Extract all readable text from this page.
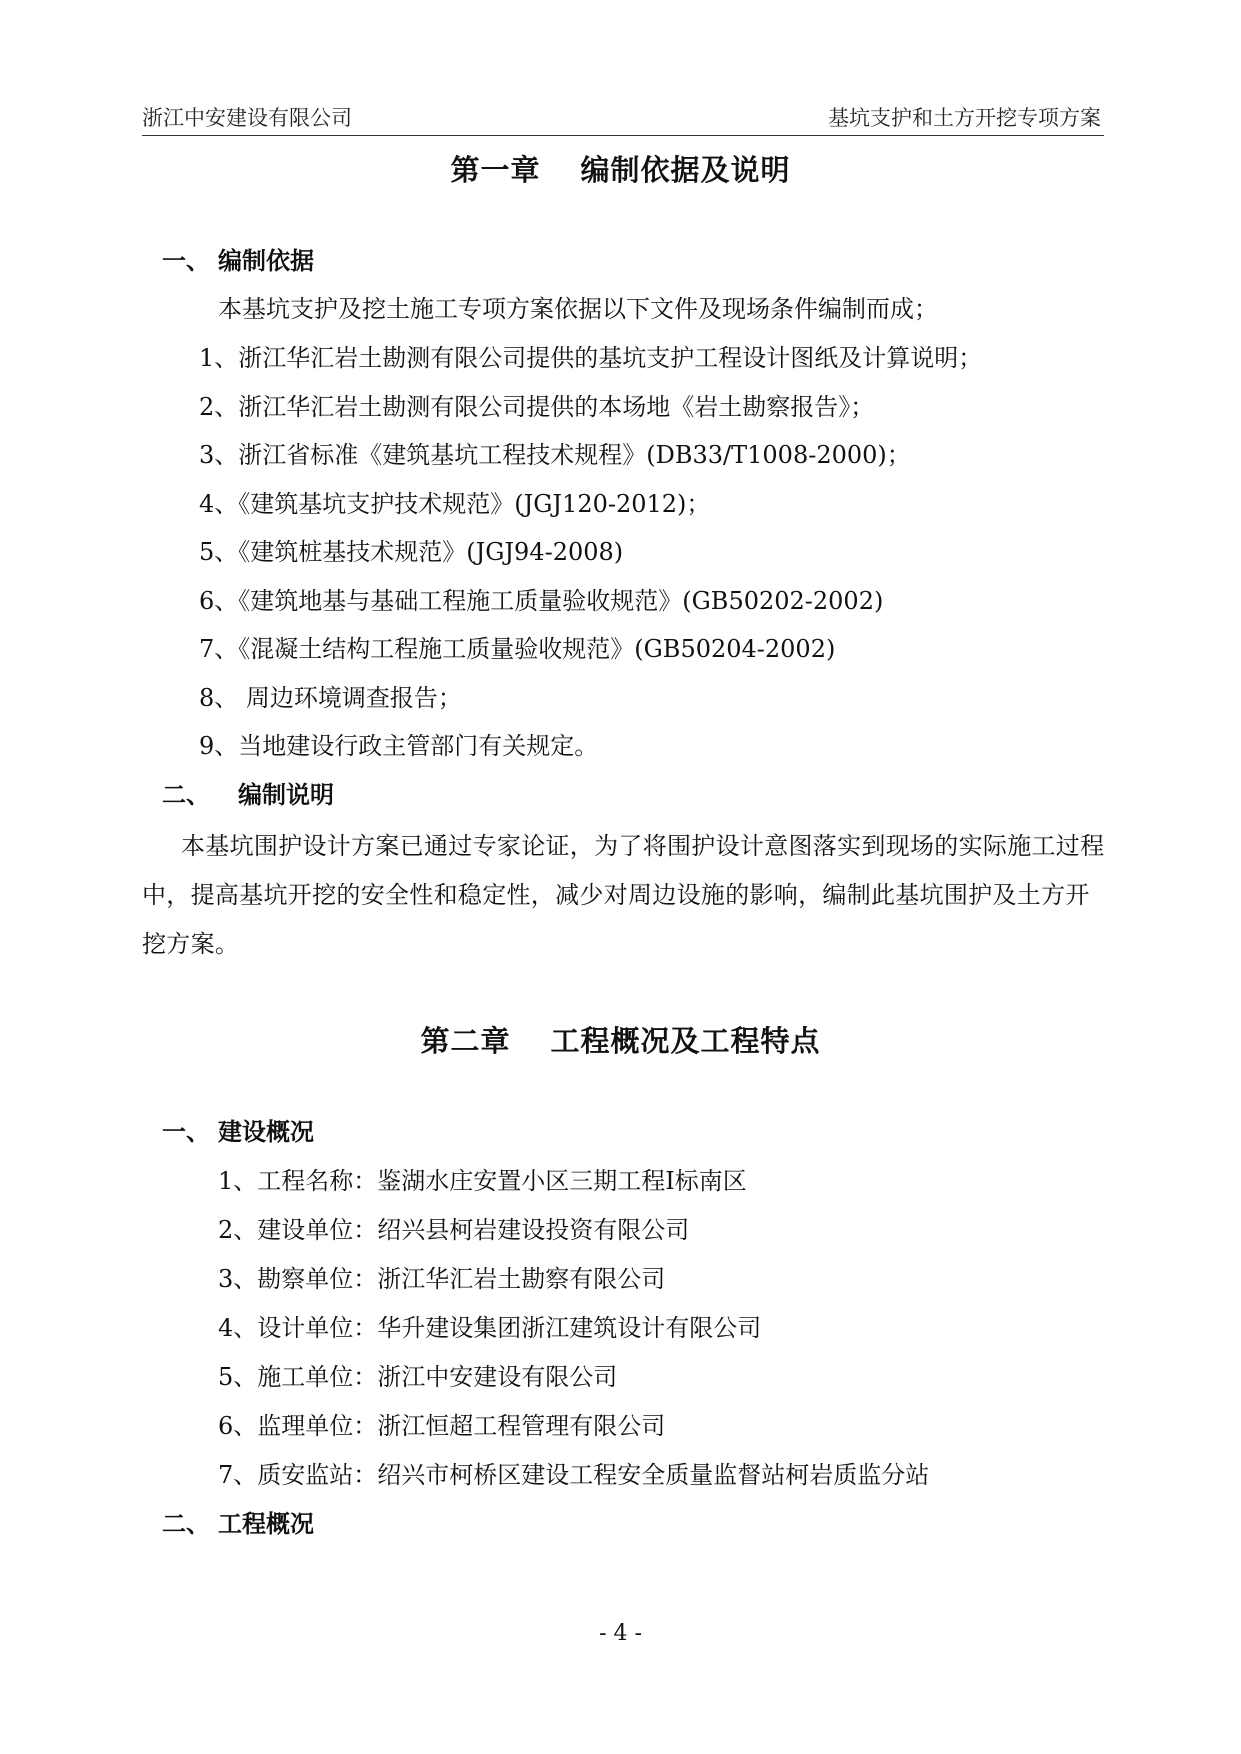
浙江中安建设有限公司	基坑支护和土方开挖专项方案
第一章 编制依据及说明
一、 编制依据
本基坑支护及挖土施工专项方案依据以下文件及现场条件编制而成；
1、浙江华汇岩土勘测有限公司提供的基坑支护工程设计图纸及计算说明；
2、浙江华汇岩土勘测有限公司提供的本场地《岩土勘察报告》；
3、浙江省标准《建筑基坑工程技术规程》(DB33/T1008-2000)；
4、《建筑基坑支护技术规范》(JGJ120-2012)；
5、《建筑桩基技术规范》(JGJ94-2008)
6、《建筑地基与基础工程施工质量验收规范》(GB50202-2002)
7、《混凝土结构工程施工质量验收规范》(GB50204-2002)
8、 周边环境调查报告；
9、当地建设行政主管部门有关规定。
二、 编制说明
本基坑围护设计方案已通过专家论证，为了将围护设计意图落实到现场的实际施工过程中，提高基坑开挖的安全性和稳定性，减少对周边设施的影响，编制此基坑围护及土方开挖方案。
第二章 工程概况及工程特点
一、 建设概况
1、工程名称：鉴湖水庄安置小区三期工程Ⅰ标南区
2、建设单位：绍兴县柯岩建设投资有限公司
3、勘察单位：浙江华汇岩土勘察有限公司
4、设计单位：华升建设集团浙江建筑设计有限公司
5、施工单位：浙江中安建设有限公司
6、监理单位：浙江恒超工程管理有限公司
7、质安监站：绍兴市柯桥区建设工程安全质量监督站柯岩质监分站
二、 工程概况
- 4 -
